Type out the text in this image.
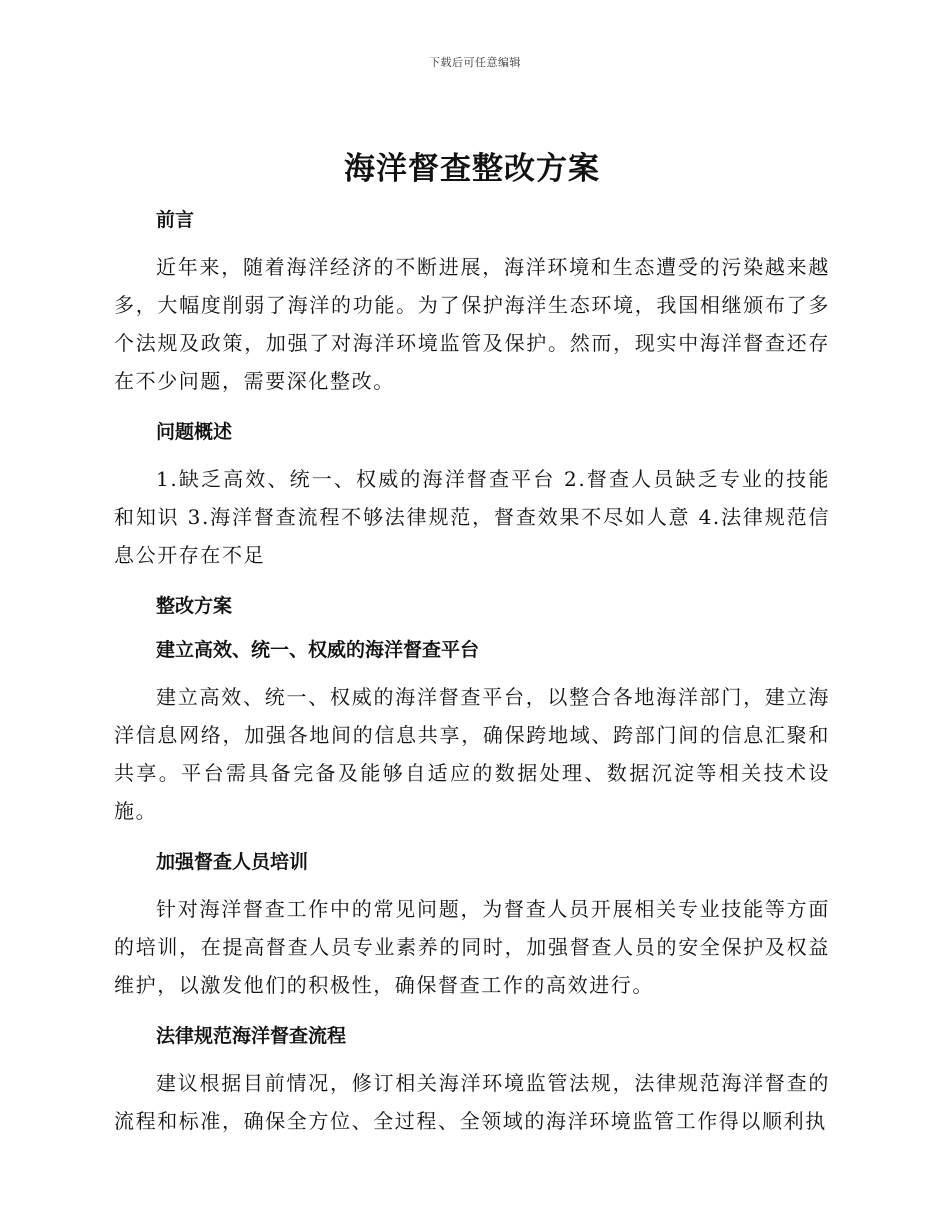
下载后可任意编辑
海洋督查整改方案
前言

近年来，随着海洋经济的不断进展，海洋环境和生态遭受的污染越来越多，大幅度削弱了海洋的功能。为了保护海洋生态环境，我国相继颁布了多个法规及政策，加强了对海洋环境监管及保护。然而，现实中海洋督查还存在不少问题，需要深化整改。

问题概述

1.缺乏高效、统一、权威的海洋督查平台 2.督查人员缺乏专业的技能和知识 3.海洋督查流程不够法律规范，督查效果不尽如人意 4.法律规范信息公开存在不足

整改方案
建立高效、统一、权威的海洋督查平台

建立高效、统一、权威的海洋督查平台，以整合各地海洋部门，建立海洋信息网络，加强各地间的信息共享，确保跨地域、跨部门间的信息汇聚和共享。平台需具备完备及能够自适应的数据处理、数据沉淀等相关技术设施。

加强督查人员培训

针对海洋督查工作中的常见问题，为督查人员开展相关专业技能等方面的培训，在提高督查人员专业素养的同时，加强督查人员的安全保护及权益维护，以激发他们的积极性，确保督查工作的高效进行。

法律规范海洋督查流程

建议根据目前情况，修订相关海洋环境监管法规，法律规范海洋督查的流程和标准，确保全方位、全过程、全领域的海洋环境监管工作得以顺利执
